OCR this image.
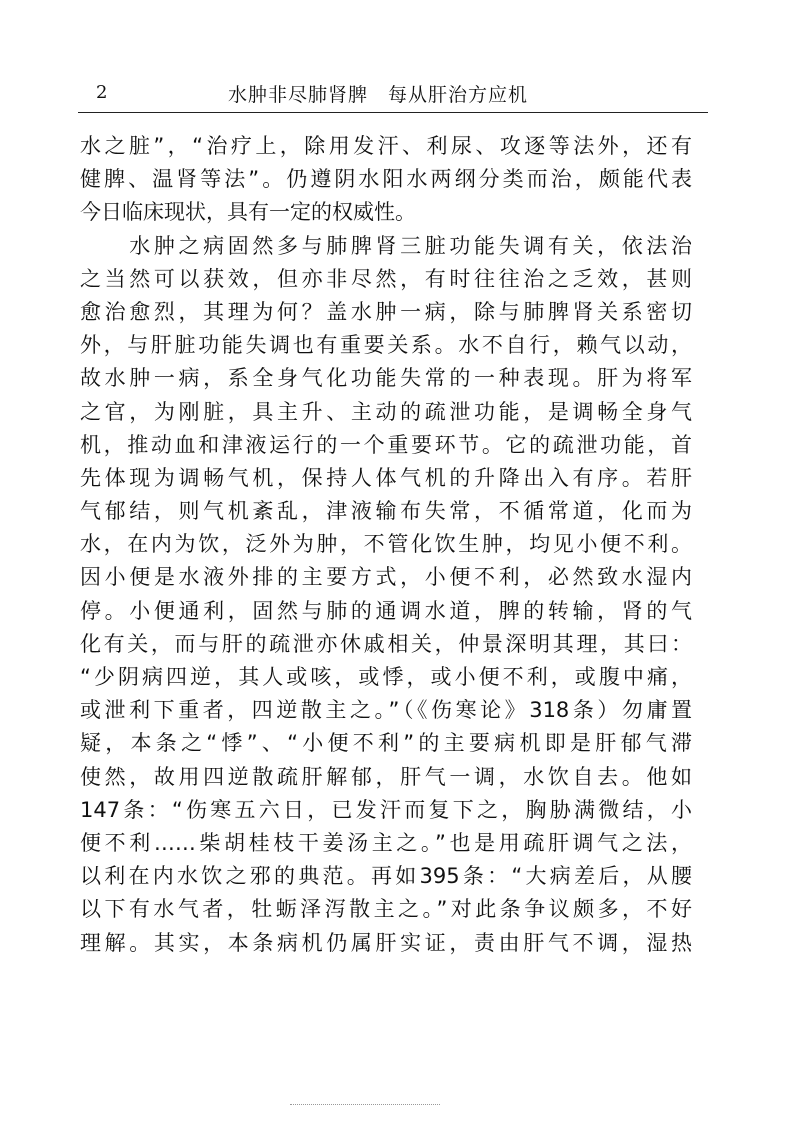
2	水肿非尽肺肾脾　每从肝治方应机
水之脏”，“治疗上，除用发汗、利尿、攻逐等法外，还有
健脾、温肾等法”。仍遵阴水阳水两纲分类而治，颇能代表
今日临床现状，具有一定的权威性。
　　水肿之病固然多与肺脾肾三脏功能失调有关，依法治
之当然可以获效，但亦非尽然，有时往往治之乏效，甚则
愈治愈烈，其理为何？盖水肿一病，除与肺脾肾关系密切
外，与肝脏功能失调也有重要关系。水不自行，赖气以动，
故水肿一病，系全身气化功能失常的一种表现。肝为将军
之官，为刚脏，具主升、主动的疏泄功能，是调畅全身气
机，推动血和津液运行的一个重要环节。它的疏泄功能，首
先体现为调畅气机，保持人体气机的升降出入有序。若肝
气郁结，则气机紊乱，津液输布失常，不循常道，化而为
水，在内为饮，泛外为肿，不管化饮生肿，均见小便不利。
因小便是水液外排的主要方式，小便不利，必然致水湿内
停。小便通利，固然与肺的通调水道，脾的转输，肾的气
化有关，而与肝的疏泄亦休戚相关，仲景深明其理，其曰：
“少阴病四逆，其人或咳，或悸，或小便不利，或腹中痛，
或泄利下重者，四逆散主之。”（《伤寒论》318条）勿庸置
疑，本条之“悸”、“小便不利”的主要病机即是肝郁气滞
使然，故用四逆散疏肝解郁，肝气一调，水饮自去。他如
147条：“伤寒五六日，已发汗而复下之，胸胁满微结，小
便不利……柴胡桂枝干姜汤主之。”也是用疏肝调气之法，
以利在内水饮之邪的典范。再如395条：“大病差后，从腰
以下有水气者，牡蛎泽泻散主之。”对此条争议颇多，不好
理解。其实，本条病机仍属肝实证，责由肝气不调，湿热
